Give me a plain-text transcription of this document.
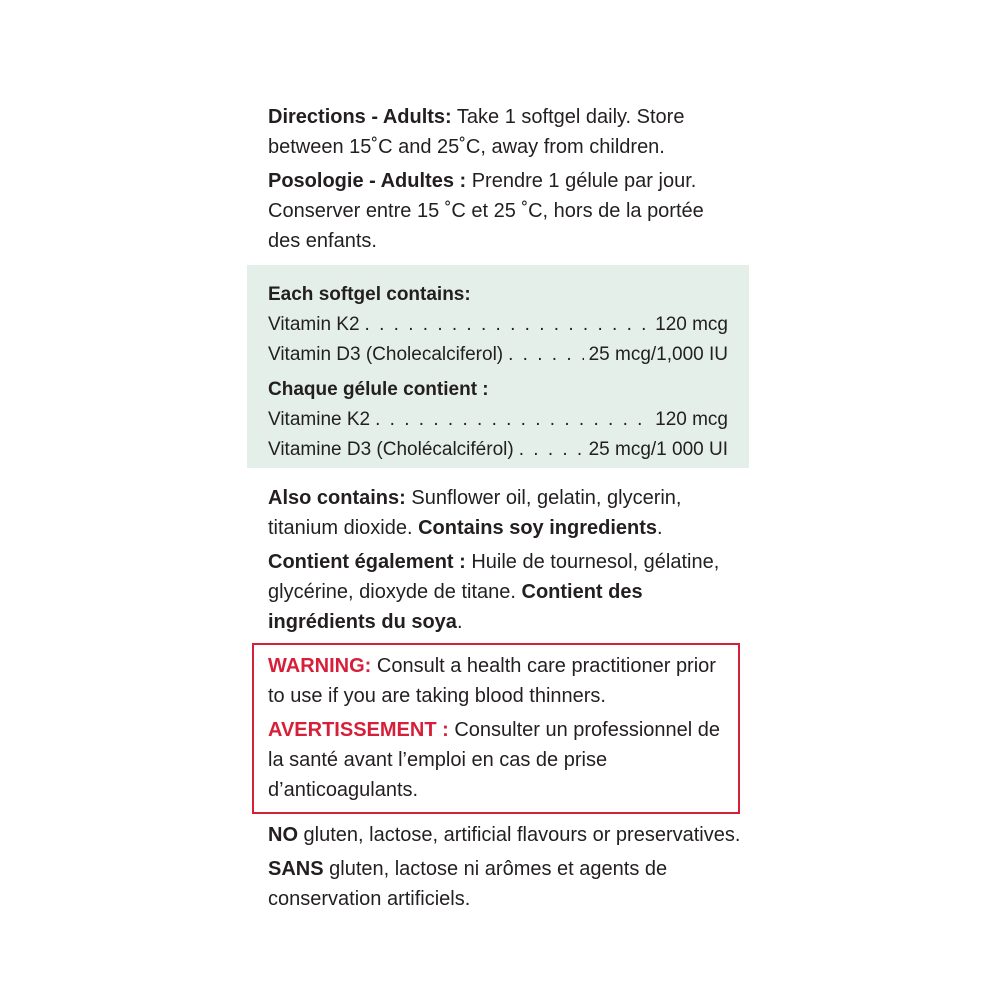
Directions - Adults: Take 1 softgel daily. Store between 15˚C and 25˚C, away from children.

Posologie - Adultes : Prendre 1 gélule par jour. Conserver entre 15 ˚C et 25 ˚C, hors de la portée des enfants.

Each softgel contains:
Vitamin K2 . . .	120 mcg
Vitamin D3 (Cholecalciferol) . . .	25 mcg/1,000 IU
Chaque gélule contient :
Vitamine K2 . . .	120 mcg
Vitamine D3 (Cholécalciférol) . . .	25 mcg/1 000 UI

Also contains: Sunflower oil, gelatin, glycerin, titanium dioxide. Contains soy ingredients.

Contient également : Huile de tournesol, gélatine, glycérine, dioxyde de titane. Contient des ingrédients du soya.

WARNING: Consult a health care practitioner prior to use if you are taking blood thinners.

AVERTISSEMENT : Consulter un professionnel de la santé avant l’emploi en cas de prise d’anticoagulants.

NO gluten, lactose, artificial flavours or preservatives.

SANS gluten, lactose ni arômes et agents de conservation artificiels.
